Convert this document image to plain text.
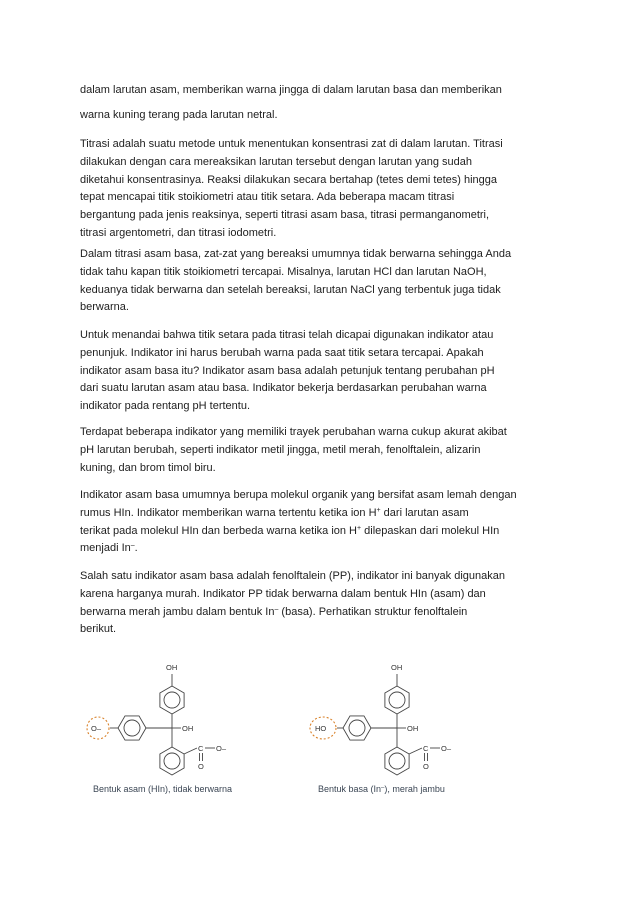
dalam larutan asam, memberikan warna jingga di dalam larutan basa dan memberikan
warna kuning terang pada larutan netral.
Titrasi adalah suatu metode untuk menentukan konsentrasi zat di dalam larutan. Titrasi
dilakukan dengan cara mereaksikan larutan tersebut dengan larutan yang sudah
diketahui konsentrasinya. Reaksi dilakukan secara bertahap (tetes demi tetes) hingga
tepat mencapai titik stoikiometri atau titik setara. Ada beberapa macam titrasi
bergantung pada jenis reaksinya, seperti titrasi asam basa, titrasi permanganometri,
titrasi argentometri, dan titrasi iodometri.
Dalam titrasi asam basa, zat-zat yang bereaksi umumnya tidak berwarna sehingga Anda
tidak tahu kapan titik stoikiometri tercapai. Misalnya, larutan HCl dan larutan NaOH,
keduanya tidak berwarna dan setelah bereaksi, larutan NaCl yang terbentuk juga tidak
berwarna.
Untuk menandai bahwa titik setara pada titrasi telah dicapai digunakan indikator atau
penunjuk. Indikator ini harus berubah warna pada saat titik setara tercapai. Apakah
indikator asam basa itu? Indikator asam basa adalah petunjuk tentang perubahan pH
dari suatu larutan asam atau basa. Indikator bekerja berdasarkan perubahan warna
indikator pada rentang pH tertentu.
Terdapat beberapa indikator yang memiliki trayek perubahan warna cukup akurat akibat
pH larutan berubah, seperti indikator metil jingga, metil merah, fenolftalein, alizarin
kuning, dan brom timol biru.
Indikator asam basa umumnya berupa molekul organik yang bersifat asam lemah dengan
rumus HIn. Indikator memberikan warna tertentu ketika ion H+ dari larutan asam
terikat pada molekul HIn dan berbeda warna ketika ion H+ dilepaskan dari molekul HIn
menjadi In–.
Salah satu indikator asam basa adalah fenolftalein (PP), indikator ini banyak digunakan
karena harganya murah. Indikator PP tidak berwarna dalam bentuk HIn (asam) dan
berwarna merah jambu dalam bentuk In– (basa). Perhatikan struktur fenolftalein
berikut.
OH
O–	OH
C O–
O
OH
HO	OH
C O–
O
Bentuk asam (HIn), tidak berwarna	Bentuk basa (In–), merah jambu
